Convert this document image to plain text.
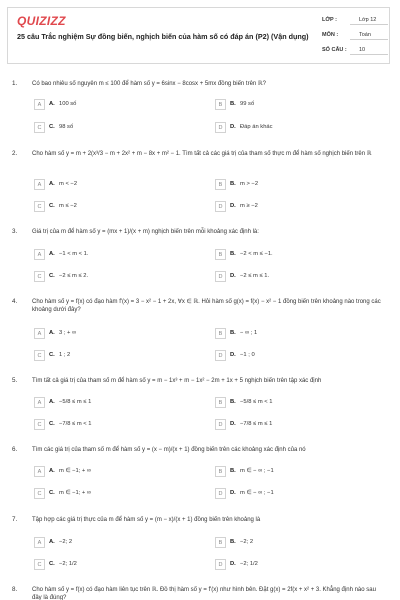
QUIZIZZ
25 câu Trắc nghiệm Sự đồng biến, nghịch biến của hàm số có đáp án (P2) (Vận dụng)
LỚP :	Lớp 12
MÔN :	Toán
SỐ CÂU : 10
1. Có bao nhiêu số nguyên m ≤ 100 để hàm số y = 6sinx − 8cosx + 5mx đồng biến trên ℝ?
A	A. 100 số	B	B. 99 số
C	C. 98 số	D	D. Đáp án khác
2. Cho hàm số y = m + 2(x³/3 − m + 2x² + m − 8x + m² − 1. Tìm tất cả các giá trị của tham số thực m để hàm số nghịch biến trên ℝ
A	A. m < −2	B	B. m > −2
C	C. m ≤ −2	D	D. m ≥ −2
3. Giá trị của m để hàm số y = (mx + 1)/(x + m) nghịch biến trên mỗi khoảng xác định là:
A	A. −1 < m < 1.	B	B. −2 < m ≤ −1.
C	C. −2 ≤ m ≤ 2.	D	D. −2 ≤ m ≤ 1.
4. Cho hàm số y = f(x) có đạo hàm f'(x) = 3 − x² − 1 + 2x, ∀x ∈ ℝ. Hỏi hàm số g(x) = f(x) − x² − 1 đồng biến trên khoảng nào trong các khoảng dưới đây?
A	A. 3 ; + ∞	B	B. − ∞ ; 1
C	C. 1 ; 2	D	D. −1 ; 0
5. Tìm tất cả giá trị của tham số m để hàm số y = m − 1x³ + m − 1x² − 2m + 1x + 5 nghịch biến trên tập xác định
A	A. −5/8 ≤ m ≤ 1	B	B. −5/8 ≤ m < 1
C	C. −7/8 ≤ m < 1	D	D. −7/8 ≤ m ≤ 1
6. Tìm các giá trị của tham số m để hàm số y = (x − m)/(x + 1) đồng biến trên các khoảng xác định của nó
A	A. m ∈ −1; + ∞	B	B. m ∈ − ∞ ; −1
C	C. m ∈ −1; + ∞	D	D. m ∈ − ∞ ; −1
7. Tập hợp các giá trị thực của m để hàm số y = (m − x)/(x + 1) đồng biến trên khoảng là
A	A. −2; 2	B	B. −2; 2
C	C. −2; 1/2	D	D. −2; 1/2
8. Cho hàm số y = f(x) có đạo hàm liên tục trên ℝ. Đồ thị hàm số y = f'(x) như hình bên. Đặt g(x) = 2f(x + x² + 3. Khẳng định nào sau đây là đúng?
